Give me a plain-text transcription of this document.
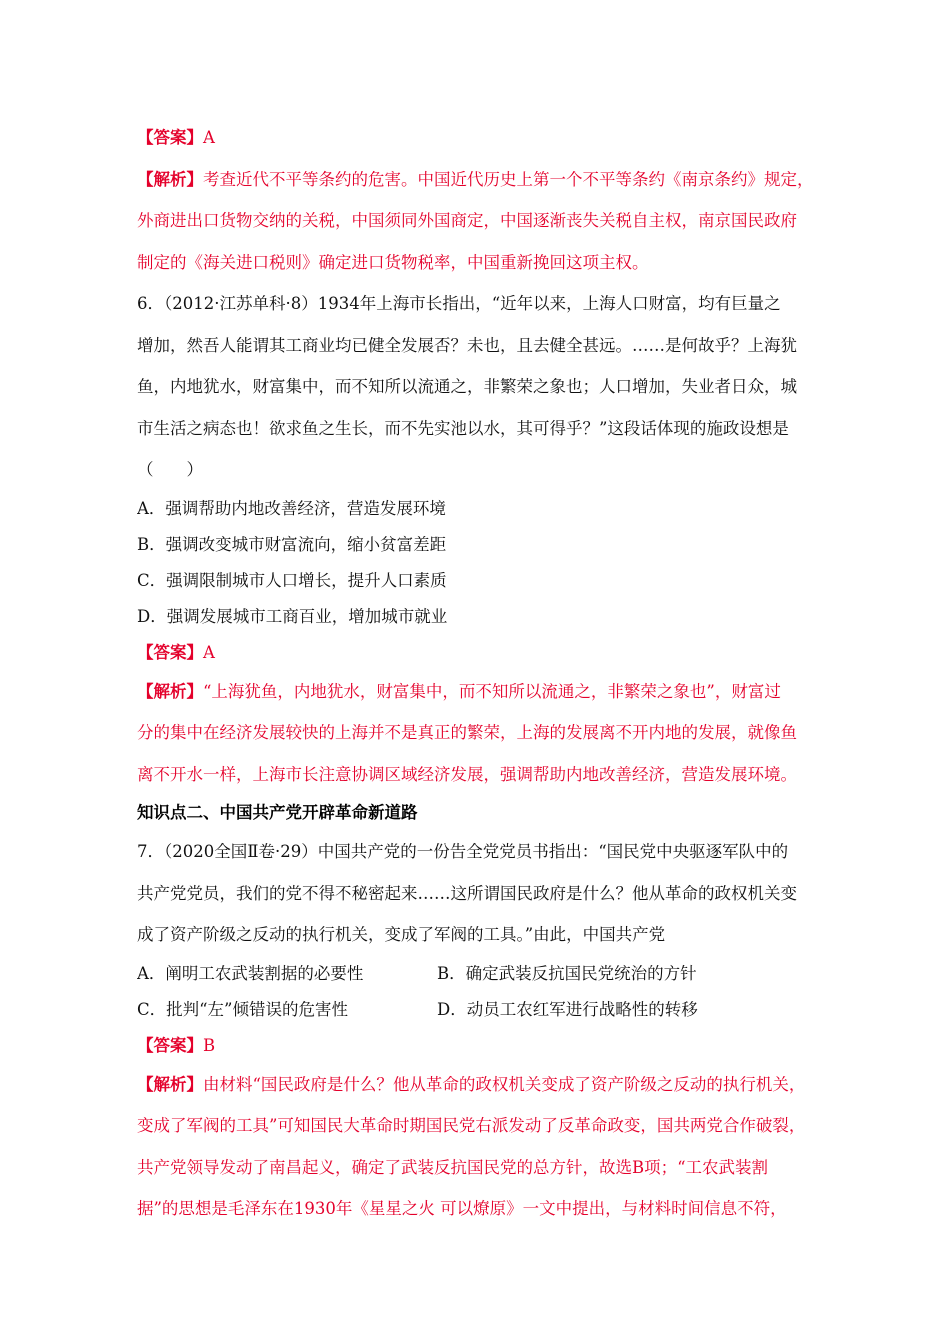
【答案】A
【解析】考查近代不平等条约的危害。中国近代历史上第一个不平等条约《南京条约》规定，
外商进出口货物交纳的关税，中国须同外国商定，中国逐渐丧失关税自主权，南京国民政府
制定的《海关进口税则》确定进口货物税率，中国重新挽回这项主权。
6．（2012·江苏单科·8）1934年上海市长指出，“近年以来，上海人口财富，均有巨量之
增加，然吾人能谓其工商业均已健全发展否？未也，且去健全甚远。……是何故乎？上海犹
鱼，内地犹水，财富集中，而不知所以流通之，非繁荣之象也；人口增加，失业者日众，城
市生活之病态也！欲求鱼之生长，而不先实池以水，其可得乎？”这段话体现的施政设想是
（　　）
A．强调帮助内地改善经济，营造发展环境
B．强调改变城市财富流向，缩小贫富差距
C．强调限制城市人口增长，提升人口素质
D．强调发展城市工商百业，增加城市就业
【答案】A
【解析】“上海犹鱼，内地犹水，财富集中，而不知所以流通之，非繁荣之象也”，财富过
分的集中在经济发展较快的上海并不是真正的繁荣，上海的发展离不开内地的发展，就像鱼
离不开水一样，上海市长注意协调区域经济发展，强调帮助内地改善经济，营造发展环境。
知识点二、中国共产党开辟革命新道路
7．（2020全国Ⅱ卷·29）中国共产党的一份告全党党员书指出：“国民党中央驱逐军队中的
共产党党员，我们的党不得不秘密起来……这所谓国民政府是什么？他从革命的政权机关变
成了资产阶级之反动的执行机关，变成了军阀的工具。”由此，中国共产党
A．阐明工农武装割据的必要性	B．确定武装反抗国民党统治的方针
C．批判“左”倾错误的危害性	D．动员工农红军进行战略性的转移
【答案】B
【解析】由材料“国民政府是什么？他从革命的政权机关变成了资产阶级之反动的执行机关，
变成了军阀的工具”可知国民大革命时期国民党右派发动了反革命政变，国共两党合作破裂，
共产党领导发动了南昌起义，确定了武装反抗国民党的总方针，故选B项；“工农武装割
据”的思想是毛泽东在1930年《星星之火 可以燎原》一文中提出，与材料时间信息不符，
